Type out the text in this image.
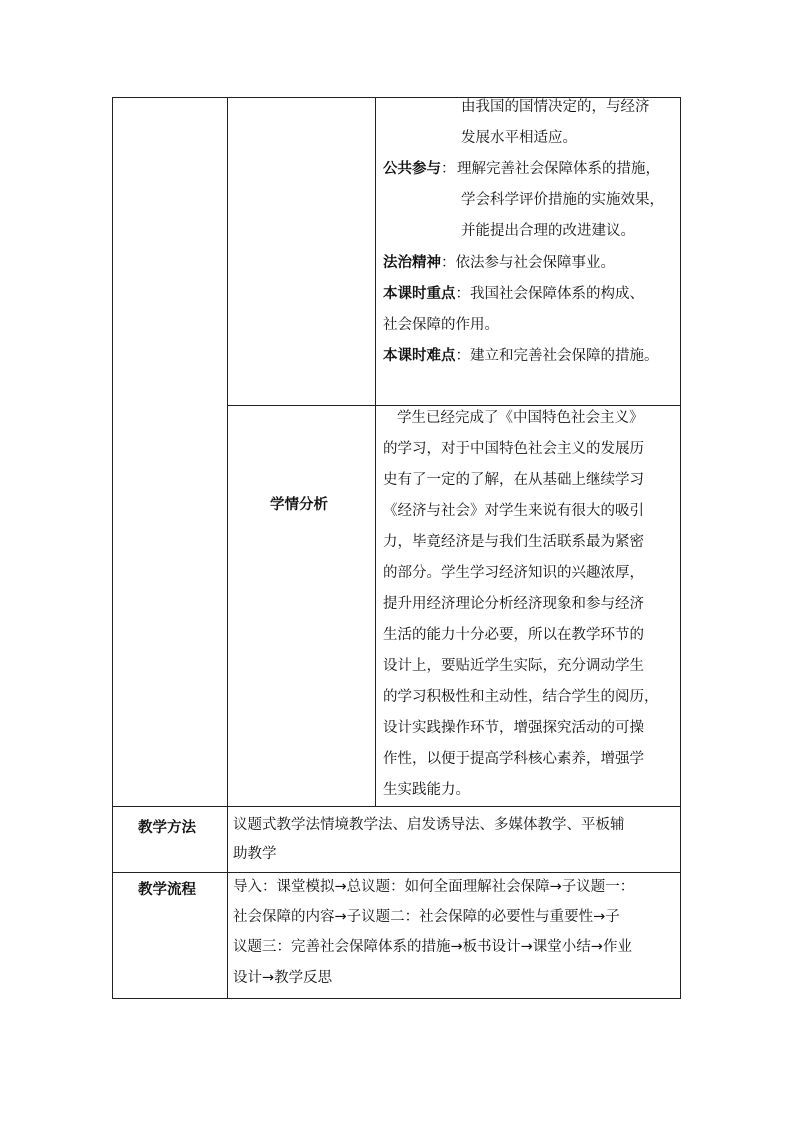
由我国的国情决定的，与经济
发展水平相适应。
公共参与： 理解完善社会保障体系的措施，
学会科学评价措施的实施效果，
并能提出合理的改进建议。
法治精神：依法参与社会保障事业。
本课时重点：我国社会保障体系的构成、
社会保障的作用。
本课时难点：建立和完善社会保障的措施。
学情分析
学生已经完成了《中国特色社会主义》
的学习，对于中国特色社会主义的发展历
史有了一定的了解，在从基础上继续学习
《经济与社会》对学生来说有很大的吸引
力，毕竟经济是与我们生活联系最为紧密
的部分。学生学习经济知识的兴趣浓厚，
提升用经济理论分析经济现象和参与经济
生活的能力十分必要，所以在教学环节的
设计上，要贴近学生实际，充分调动学生
的学习积极性和主动性，结合学生的阅历，
设计实践操作环节，增强探究活动的可操
作性，以便于提高学科核心素养，增强学
生实践能力。
教学方法	议题式教学法情境教学法、启发诱导法、多媒体教学、平板辅
助教学
教学流程	导入：课堂模拟→总议题：如何全面理解社会保障→子议题一：
社会保障的内容→子议题二：社会保障的必要性与重要性→子
议题三：完善社会保障体系的措施→板书设计→课堂小结→作业
设计→教学反思
